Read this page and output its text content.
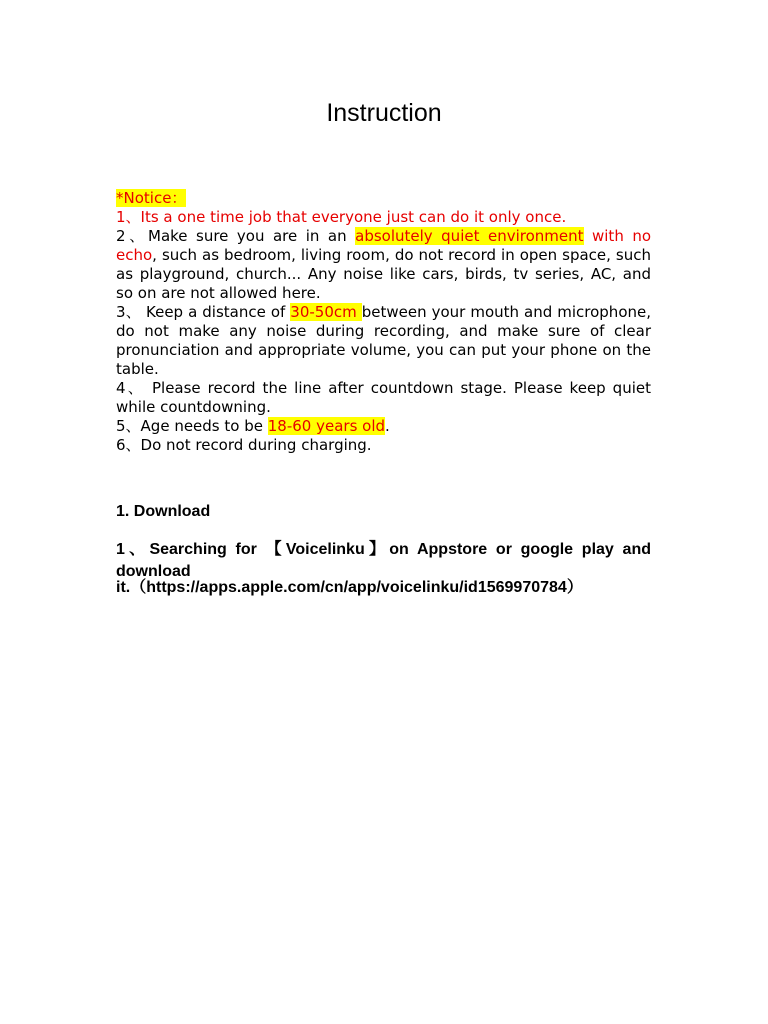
Instruction

*Notice：

1、Its a one time job that everyone just can do it only once.

2、Make sure you are in an absolutely quiet environment with no echo, such as bedroom, living room, do not record in open space, such as playground, church... Any noise like cars, birds, tv series, AC, and so on are not allowed here.

3、 Keep a distance of 30-50cm between your mouth and microphone, do not make any noise during recording, and make sure of clear pronunciation and appropriate volume, you can put your phone on the table.

4、 Please record the line after countdown stage. Please keep quiet while countdowning.

5、Age needs to be 18-60 years old.

6、Do not record during charging.

1. Download
1、Searching for 【Voicelinku】on Appstore or google play and download
it.（https://apps.apple.com/cn/app/voicelinku/id1569970784）
